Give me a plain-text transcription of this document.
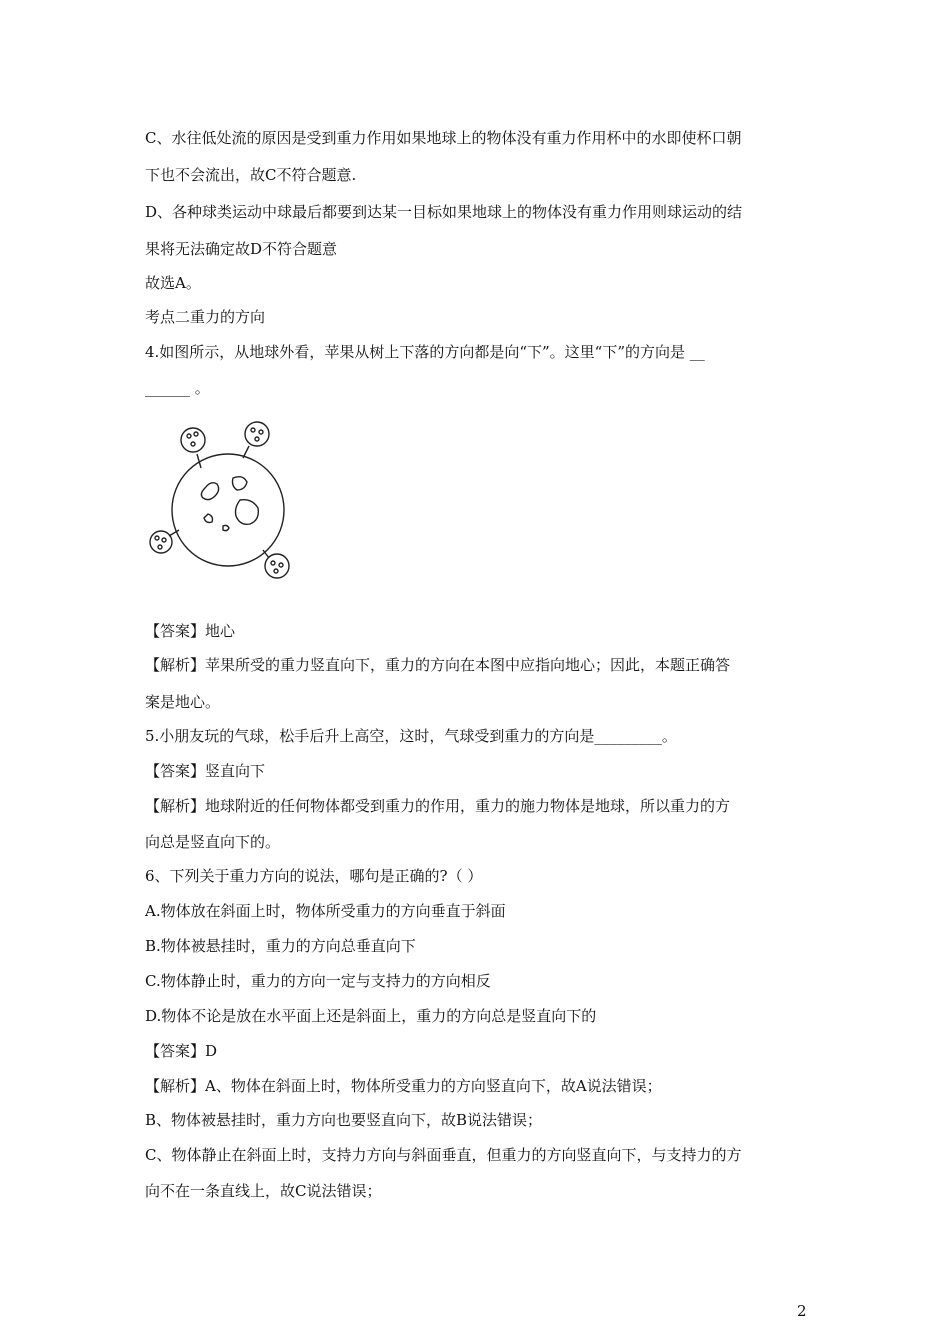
C、水往低处流的原因是受到重力作用如果地球上的物体没有重力作用杯中的水即使杯口朝
下也不会流出，故C不符合题意.
D、各种球类运动中球最后都要到达某一目标如果地球上的物体没有重力作用则球运动的结
果将无法确定故D不符合题意
故选A。
考点二重力的方向
4.如图所示，从地球外看，苹果从树上下落的方向都是向“下”。这里“下”的方向是 __
______ 。
【答案】地心
【解析】苹果所受的重力竖直向下，重力的方向在本图中应指向地心；因此，本题正确答
案是地心。
5.小朋友玩的气球，松手后升上高空，这时，气球受到重力的方向是_________。
【答案】竖直向下
【解析】地球附近的任何物体都受到重力的作用，重力的施力物体是地球，所以重力的方
向总是竖直向下的。
6、下列关于重力方向的说法，哪句是正确的?（ ）
A.物体放在斜面上时，物体所受重力的方向垂直于斜面
B.物体被悬挂时，重力的方向总垂直向下
C.物体静止时，重力的方向一定与支持力的方向相反
D.物体不论是放在水平面上还是斜面上，重力的方向总是竖直向下的
【答案】D
【解析】A、物体在斜面上时，物体所受重力的方向竖直向下，故A说法错误；
B、物体被悬挂时，重力方向也要竖直向下，故B说法错误；
C、物体静止在斜面上时，支持力方向与斜面垂直，但重力的方向竖直向下，与支持力的方
向不在一条直线上，故C说法错误；
2
